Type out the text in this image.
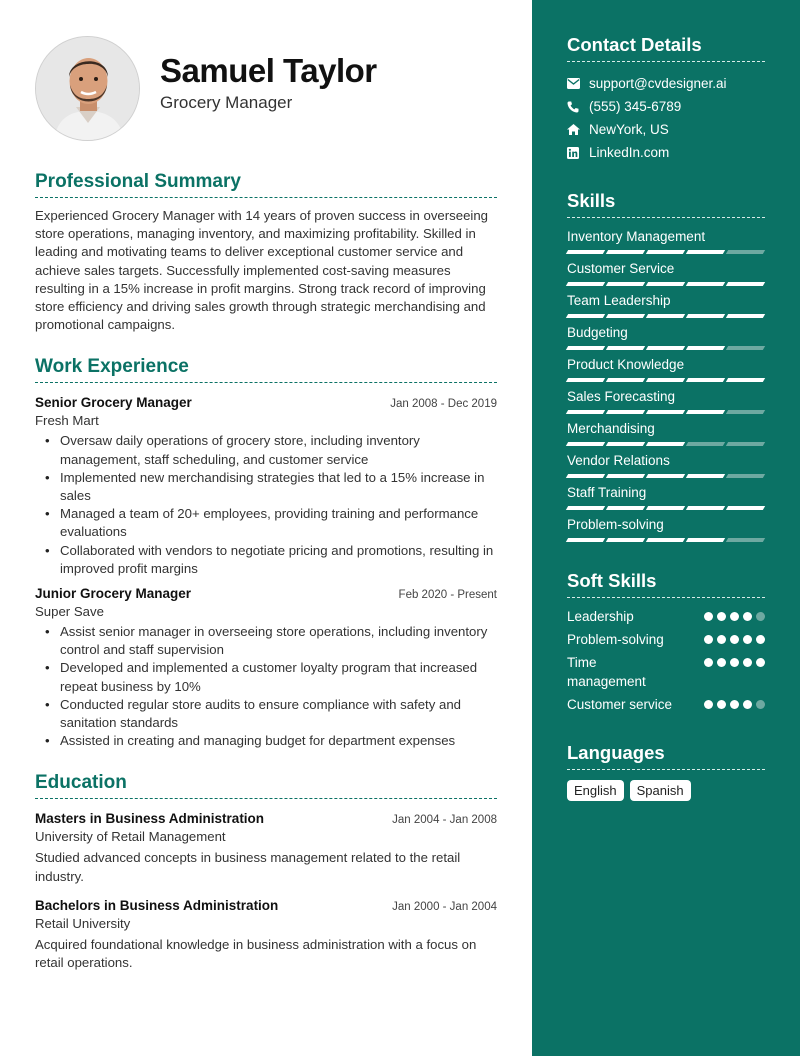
Samuel Taylor
Grocery Manager
Professional Summary
Experienced Grocery Manager with 14 years of proven success in overseeing store operations, managing inventory, and maximizing profitability. Skilled in leading and motivating teams to deliver exceptional customer service and achieve sales targets. Successfully implemented cost-saving measures resulting in a 15% increase in profit margins. Strong track record of improving store efficiency and driving sales growth through strategic merchandising and promotional campaigns.
Work Experience
Senior Grocery Manager	Jan 2008 - Dec 2019
Fresh Mart
• Oversaw daily operations of grocery store, including inventory management, staff scheduling, and customer service
• Implemented new merchandising strategies that led to a 15% increase in sales
• Managed a team of 20+ employees, providing training and performance evaluations
• Collaborated with vendors to negotiate pricing and promotions, resulting in improved profit margins
Junior Grocery Manager	Feb 2020 - Present
Super Save
• Assist senior manager in overseeing store operations, including inventory control and staff supervision
• Developed and implemented a customer loyalty program that increased repeat business by 10%
• Conducted regular store audits to ensure compliance with safety and sanitation standards
• Assisted in creating and managing budget for department expenses
Education
Masters in Business Administration	Jan 2004 - Jan 2008
University of Retail Management
Studied advanced concepts in business management related to the retail industry.
Bachelors in Business Administration	Jan 2000 - Jan 2004
Retail University
Acquired foundational knowledge in business administration with a focus on retail operations.
Contact Details
support@cvdesigner.ai
(555) 345-6789
NewYork, US
LinkedIn.com
Skills
Inventory Management
Customer Service
Team Leadership
Budgeting
Product Knowledge
Sales Forecasting
Merchandising
Vendor Relations
Staff Training
Problem-solving
Soft Skills
Leadership
Problem-solving
Time management
Customer service
Languages
English	Spanish
